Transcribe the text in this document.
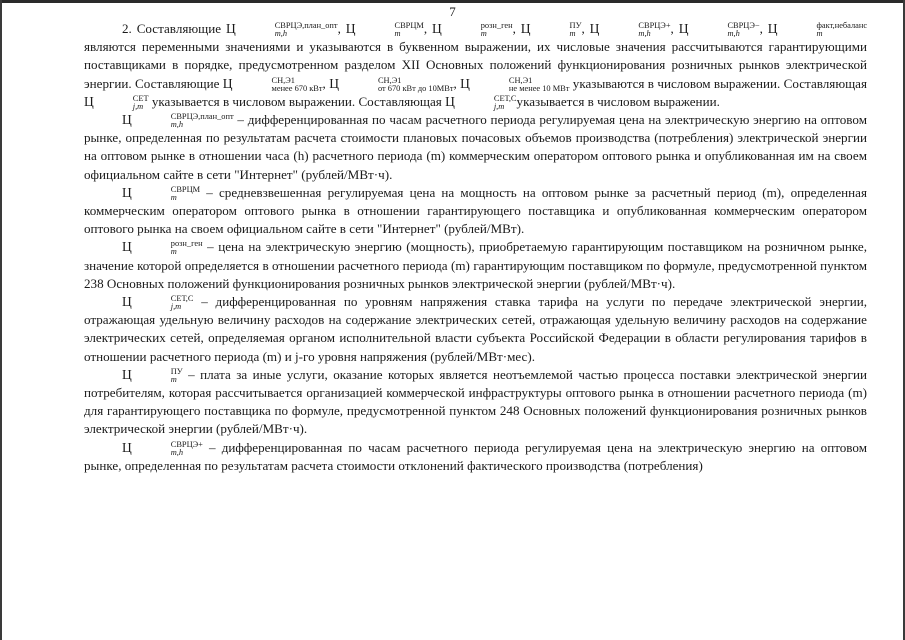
7

2. Составляющие Ц	СВРЦЭ,план_опт
m,h	, Ц	СВРЦМ
m	, Ц	розн_ген
m	, Ц	ПУ
m , Ц	СВРЦЭ+
m,h	, Ц	СВРЦЭ−
m,h	, Ц	факт,небаланс
m
являются переменными значениями и указываются в буквенном выражении, их числовые значения рассчитываются гарантирующими поставщиками в порядке, предусмотренном разделом XII Основных положений функционирования розничных рынков электрической энергии. Составляющие Ц	СН,Э1
менее 670 кВт , Ц	СН,Э1
от 670 кВт до 10МВт , Ц	СН,Э1
не менее 10 МВт указываются в числовом выражении. Составляющая Ц	СЕТ
j,m указывается в числовом выражении. Составляющая Ц	СЕТ,С
j,m указывается в числовом выражении.

Ц	СВРЦЭ,план_опт
m,h	– дифференцированная по часам расчетного периода регулируемая цена на электрическую энергию на оптовом рынке, определенная по результатам расчета стоимости плановых почасовых объемов производства (потребления) электрической энергии на оптовом рынке в отношении часа (h) расчетного периода (m) коммерческим оператором оптового рынка и опубликованная им на своем официальном сайте в сети "Интернет" (рублей/МВт·ч).

Ц	СВРЦМ
m	– средневзвешенная регулируемая цена на мощность на оптовом рынке за расчетный период (m), определенная коммерческим оператором оптового рынка в отношении гарантирующего поставщика и опубликованная коммерческим оператором оптового рынка на своем официальном сайте в сети "Интернет" (рублей/МВт).

Ц	розн_ген
m	– цена на электрическую энергию (мощность), приобретаемую гарантирующим поставщиком на розничном рынке, значение которой определяется в отношении расчетного периода (m) гарантирующим поставщиком по формуле, предусмотренной пунктом 238 Основных положений функционирования розничных рынков электрической энергии (рублей/МВт·ч).

Ц	СЕТ,С
j,m – дифференцированная по уровням напряжения ставка тарифа на услуги по передаче электрической энергии, отражающая удельную величину расходов на содержание электрических сетей, отражающая удельную величину расходов на содержание электрических сетей, определяемая органом исполнительной власти субъекта Российской Федерации в области регулирования тарифов в отношении расчетного периода (m) и j-го уровня напряжения (рублей/МВт·мес).

Ц	ПУ
m – плата за иные услуги, оказание которых является неотъемлемой частью процесса поставки электрической энергии потребителям, которая рассчитывается организацией коммерческой инфраструктуры оптового рынка в отношении расчетного периода (m) для гарантирующего поставщика по формуле, предусмотренной пунктом 248 Основных положений функционирования розничных рынков электрической энергии (рублей/МВт·ч).

Ц	СВРЦЭ+
m,h	– дифференцированная по часам расчетного периода регулируемая цена на электрическую энергию на оптовом рынке, определенная по результатам расчета стоимости отклонений фактического производства (потребления)
